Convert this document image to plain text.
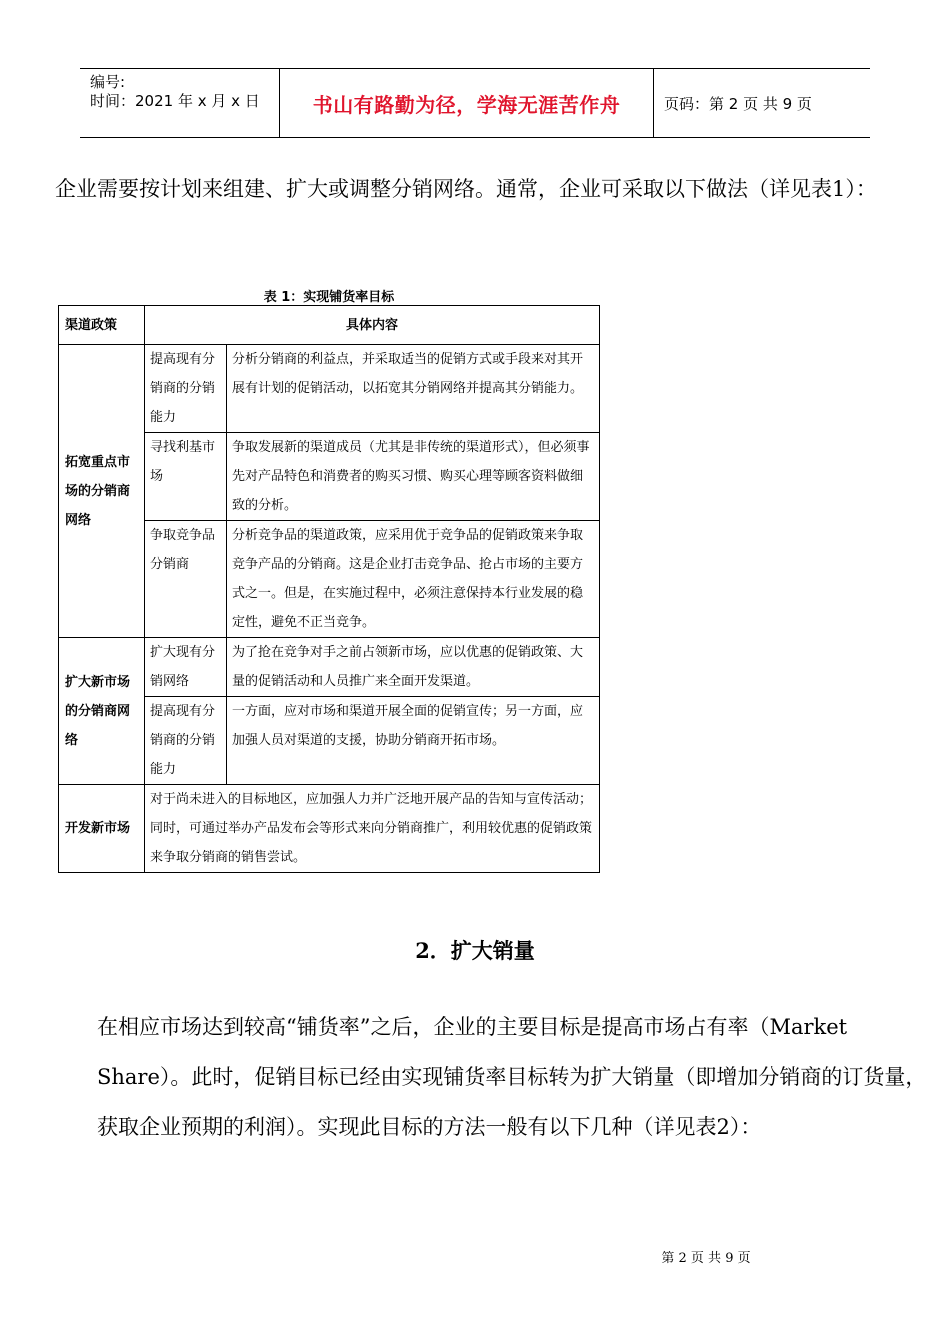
编号:
时间：2021 年 x 月 x 日	书山有路勤为径，学海无涯苦作舟	页码：第 2 页 共 9 页
企业需要按计划来组建、扩大或调整分销网络。通常，企业可采取以下做法（详见表1）：
表 1：实现铺货率目标
渠道政策	具体内容	
拓宽重点市场的分销商网络	提高现有分销商的分销能力	分析分销商的利益点，并采取适当的促销方式或手段来对其开展有计划的促销活动，以拓宽其分销网络并提高其分销能力。
	寻找利基市场	争取发展新的渠道成员（尤其是非传统的渠道形式），但必须事先对产品特色和消费者的购买习惯、购买心理等顾客资料做细致的分析。
	争取竞争品分销商	分析竞争品的渠道政策，应采用优于竞争品的促销政策来争取竞争产品的分销商。这是企业打击竞争品、抢占市场的主要方式之一。但是，在实施过程中，必须注意保持本行业发展的稳定性，避免不正当竞争。
扩大新市场的分销商网络	扩大现有分销网络	为了抢在竞争对手之前占领新市场，应以优惠的促销政策、大量的促销活动和人员推广来全面开发渠道。
	提高现有分销商的分销能力	一方面，应对市场和渠道开展全面的促销宣传；另一方面，应加强人员对渠道的支援，协助分销商开拓市场。
开发新市场	对于尚未进入的目标地区，应加强人力并广泛地开展产品的告知与宣传活动；同时，可通过举办产品发布会等形式来向分销商推广，利用较优惠的促销政策来争取分销商的销售尝试。	
2．扩大销量
在相应市场达到较高“铺货率”之后，企业的主要目标是提高市场占有率（Market Share）。此时，促销目标已经由实现铺货率目标转为扩大销量（即增加分销商的订货量，获取企业预期的利润）。实现此目标的方法一般有以下几种（详见表2）：
第 2 页 共 9 页
